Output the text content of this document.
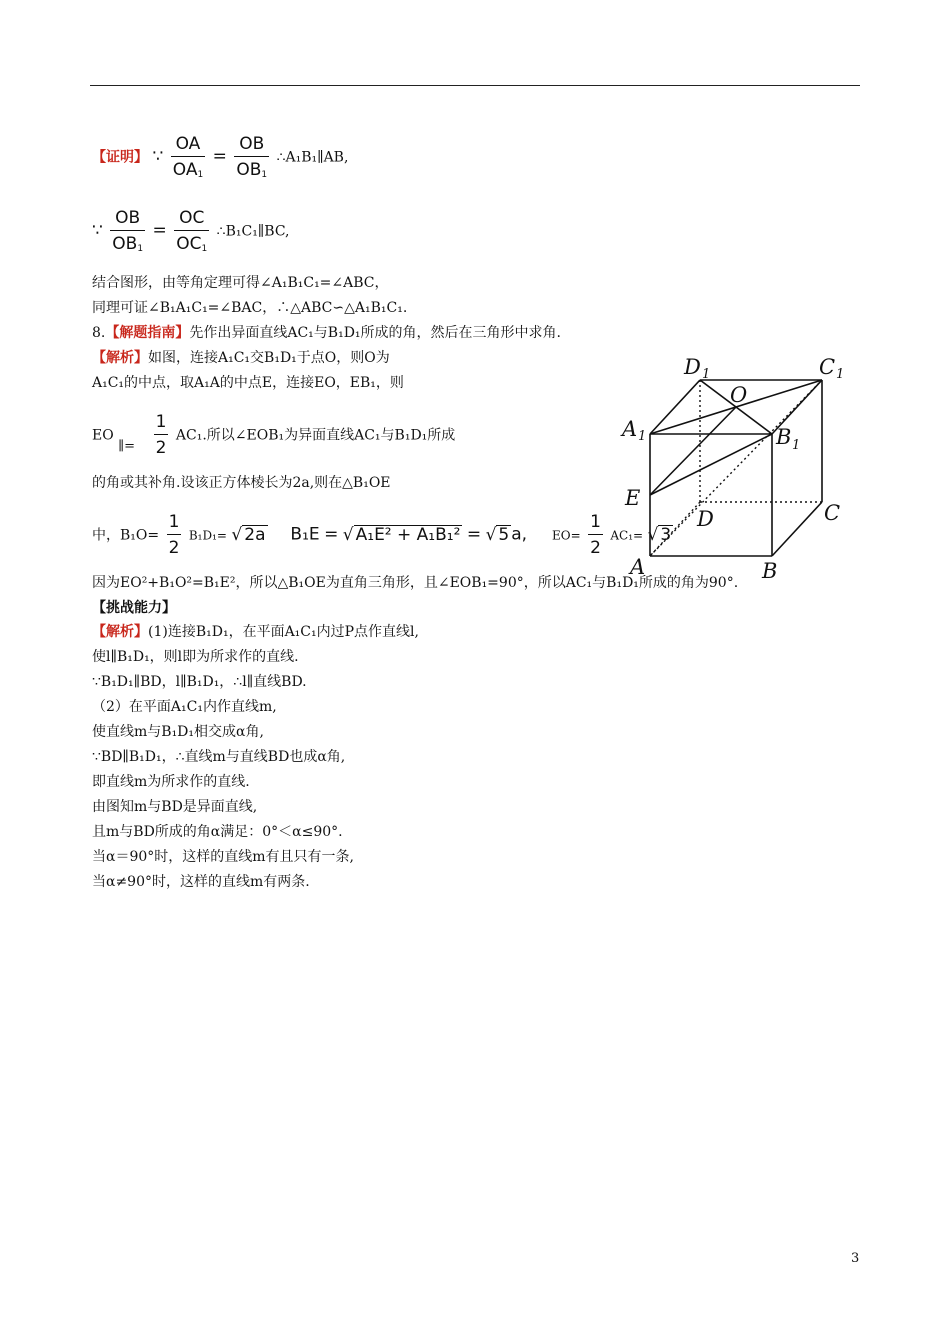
【证明】 ∵ $\frac{OA}{OA_1} = \frac{OB}{OB_1}$ ∴A₁B₁∥AB,
∵ $\frac{OB}{OB_1} = \frac{OC}{OC_1}$ ∴B₁C₁∥BC,
结合图形，由等角定理可得∠A₁B₁C₁=∠ABC，
同理可证∠B₁A₁C₁=∠BAC，∴△ABC∽△A₁B₁C₁.
8.【解题指南】先作出异面直线AC₁与B₁D₁所成的角，然后在三角形中求角.
【解析】如图，连接A₁C₁交B₁D₁于点O，则O为
A₁C₁的中点，取A₁A的中点E，连接EO，EB₁，则
EO ∥= $\frac{1}{2} AC_1$.所以∠EOB₁为异面直线AC₁与B₁D₁所成
的角或其补角.设该正方体棱长为2a,则在△B₁OE
中，$B_1O= \frac{1}{2} B_1D_1=$ √ 2a B₁E = √ A₁E² + A₁B₁² = √ 5 a, $EO= \frac{1}{2} AC_1=$ √ 3
因为EO²+B₁O²=B₁E²，所以△B₁OE为直角三角形，且∠EOB₁=90°，所以AC₁与B₁D₁所成的角为90°.
【挑战能力】
【解析】(1)连接B₁D₁，在平面A₁C₁内过P点作直线l,
使l∥B₁D₁，则l即为所求作的直线.
∵B₁D₁∥BD，l∥B₁D₁，∴l∥直线BD.
（2）在平面A₁C₁内作直线m,
使直线m与B₁D₁相交成α角,
∵BD∥B₁D₁，∴直线m与直线BD也成α角,
即直线m为所求作的直线.
由图知m与BD是异面直线,
且m与BD所成的角α满足：0°＜α≤90°.
当α＝90°时，这样的直线m有且只有一条,
当α≠90°时，这样的直线m有两条.
D 1	C 1
O
A 1	B 1
E
D	C
A	B
3
